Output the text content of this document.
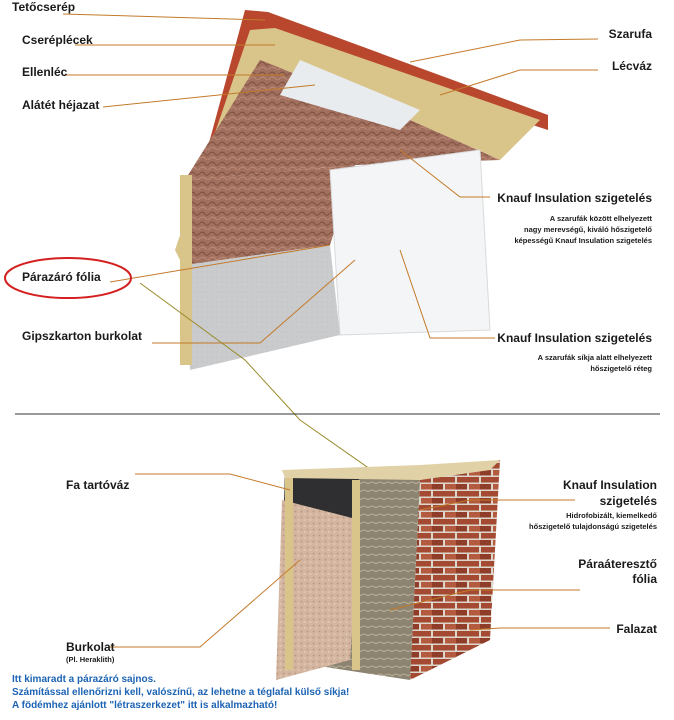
Tetőcserép
Cseréplécek
Ellenléc
Alátét héjazat
Párazáró fólia
Gipszkarton burkolat
Szarufa
Lécváz
Knauf Insulation szigetelés
A szarufák között elhelyezett
nagy merevségű, kiváló hőszigetelő
képességű Knauf Insulation szigetelés
Knauf Insulation szigetelés
A szarufák síkja alatt elhelyezett
hőszigetelő réteg
Fa tartóváz
Burkolat
(Pl. Heraklith)
Knauf Insulation
szigetelés
Hidrofobizált, kiemelkedő
hőszigetelő tulajdonságú szigetelés
Páraáteresztő
fólia
Falazat
Itt kimaradt a párazáró sajnos.
Számítással ellenőrizni kell, valószínű, az lehetne a téglafal külső síkja!
A födémhez ajánlott "létraszerkezet" itt is alkalmazható!
